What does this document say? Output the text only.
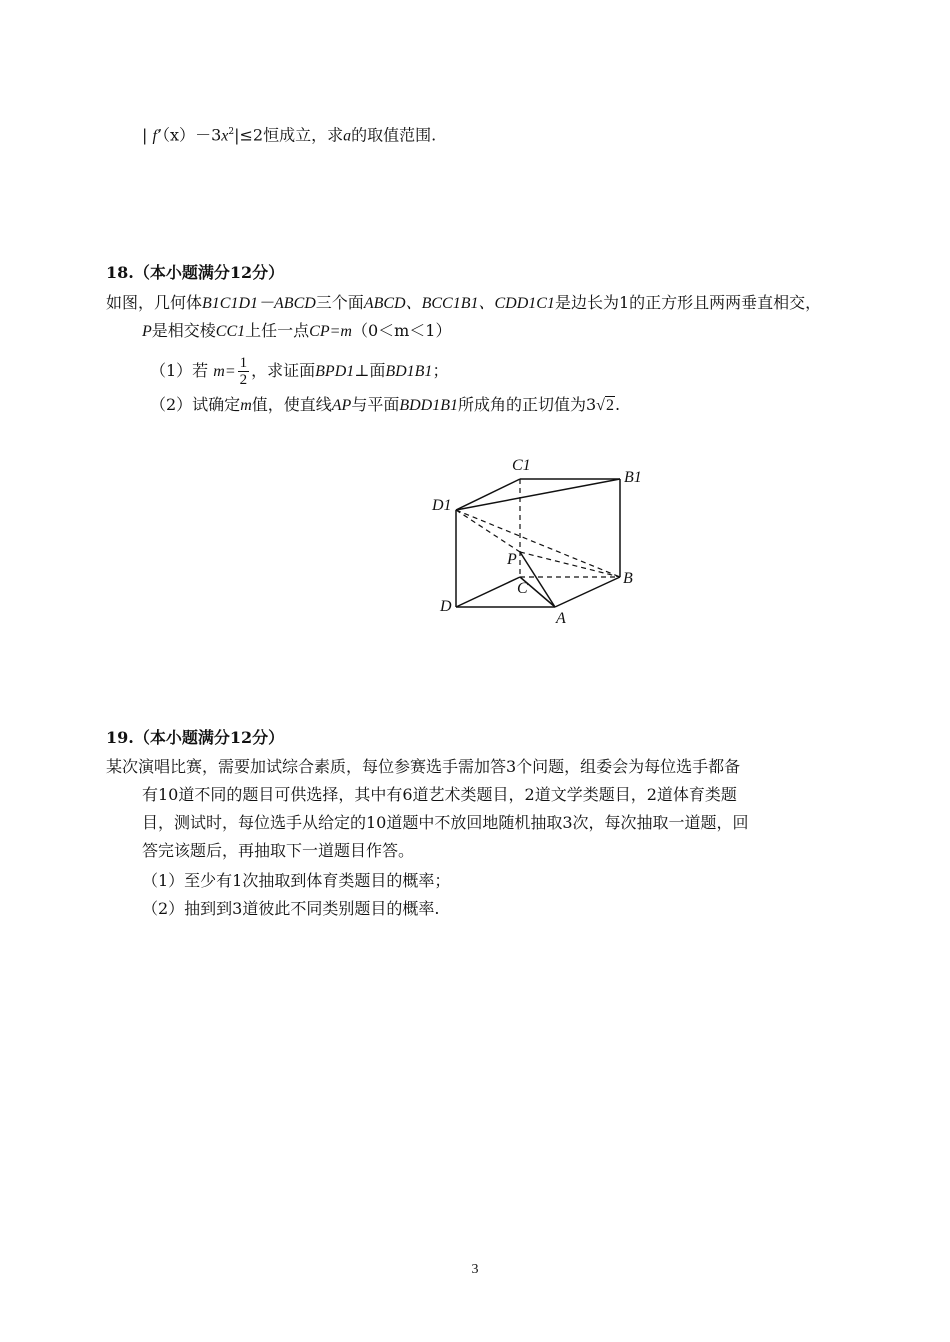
| $f’(x)-3x^2|\le 2$恒成立，求a的取值范围.
18.（本小题满分12分）
如图，几何体B1C1D1－ABCD三个面ABCD、BCC1B1、CDD1C1是边长为1的正方形且两两垂直相交，
P是相交棱CC1上任一点CP=m（0＜m＜1）
（1）若 $m= \frac{1}{2}$ ，求证面BPD1⊥面BD1B1；
（2）试确定m值，使直线AP与平面BDD1B1所成角的正切值为3√2.
C1
B1
D1
P
B
C
D
A
19.（本小题满分12分）
某次演唱比赛，需要加试综合素质，每位参赛选手需加答3个问题，组委会为每位选手都备
有10道不同的题目可供选择，其中有6道艺术类题目，2道文学类题目，2道体育类题
目，测试时，每位选手从给定的10道题中不放回地随机抽取3次，每次抽取一道题，回
答完该题后，再抽取下一道题目作答。
（1）至少有1次抽取到体育类题目的概率；
（2）抽到到3道彼此不同类别题目的概率.
3
